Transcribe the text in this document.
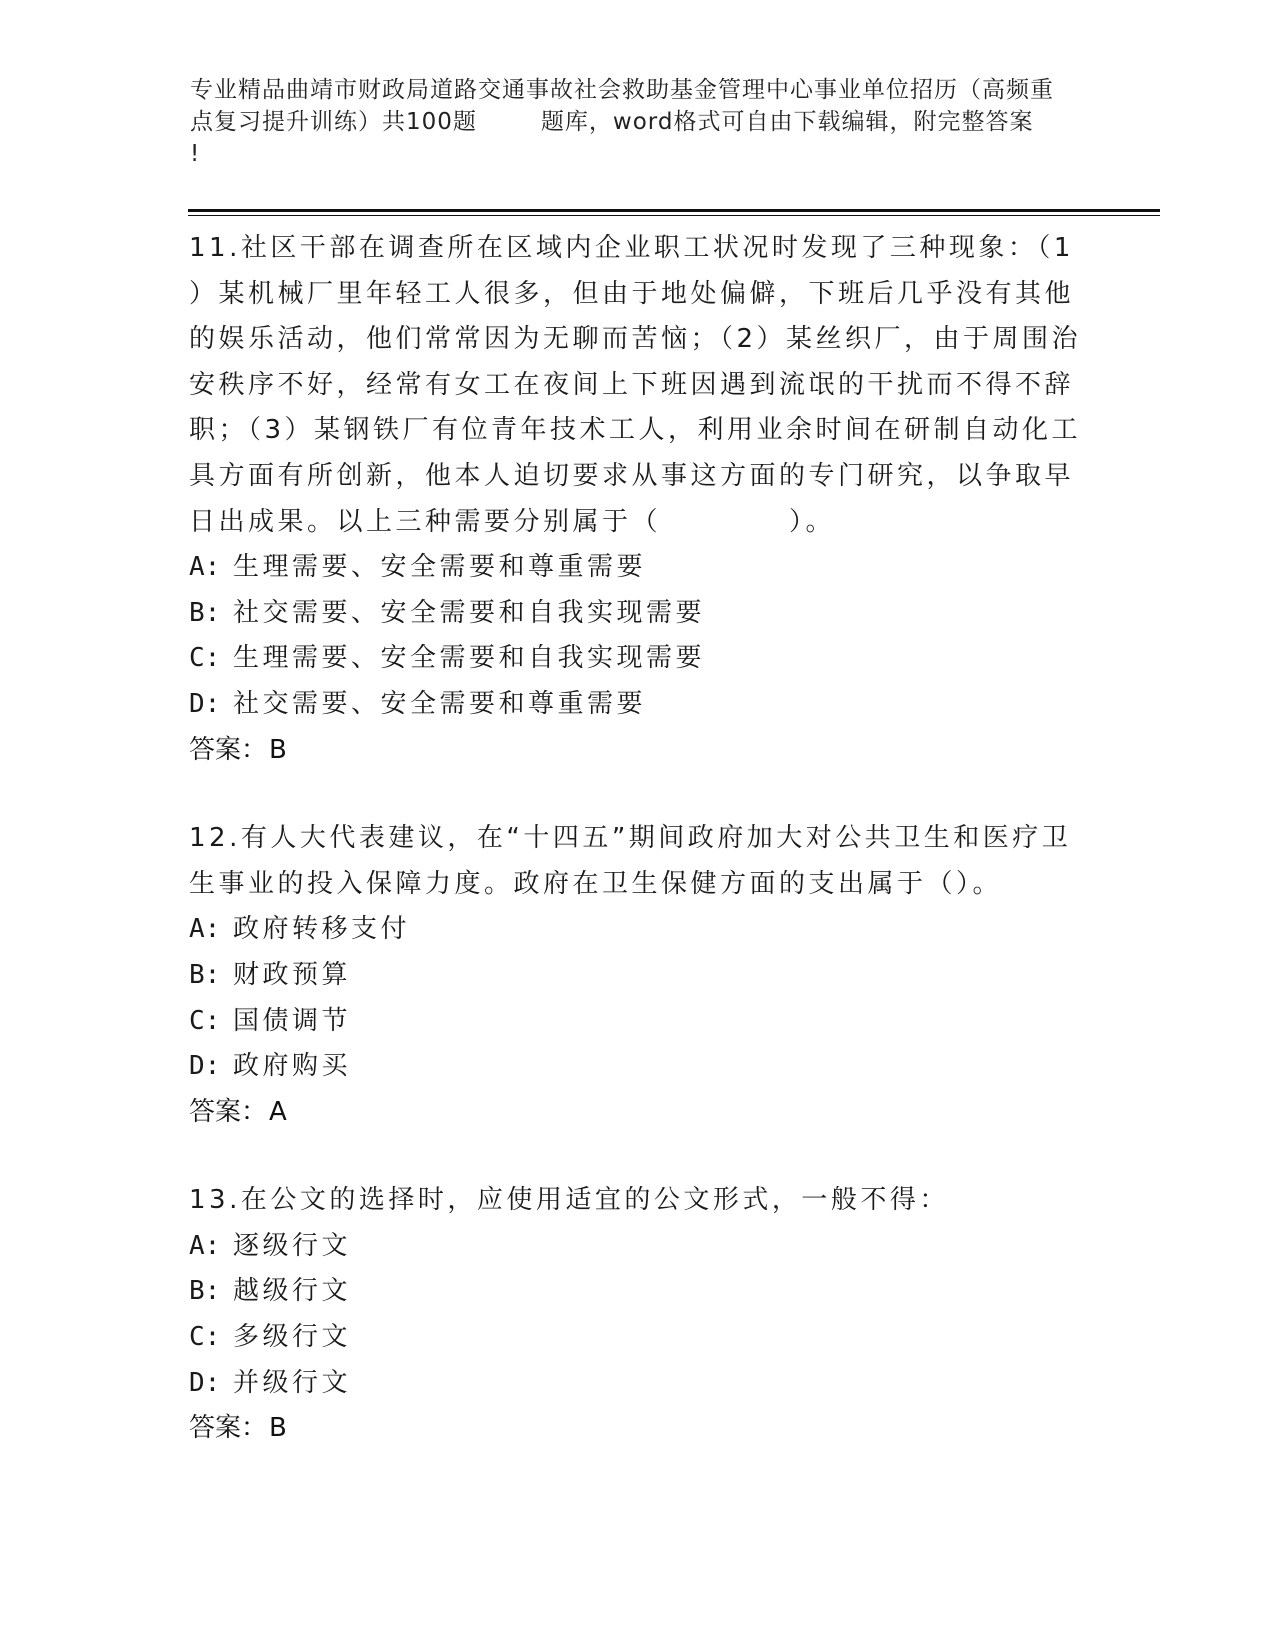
专业精品曲靖市财政局道路交通事故社会救助基金管理中心事业单位招历（高频重
点复习提升训练）共100题	题库，word格式可自由下载编辑，附完整答案
!

11.社区干部在调查所在区域内企业职工状况时发现了三种现象：（1

）某机械厂里年轻工人很多，但由于地处偏僻，下班后几乎没有其他

的娱乐活动，他们常常因为无聊而苦恼；（2）某丝织厂，由于周围治

安秩序不好，经常有女工在夜间上下班因遇到流氓的干扰而不得不辞

职；（3）某钢铁厂有位青年技术工人，利用业余时间在研制自动化工

具方面有所创新，他本人迫切要求从事这方面的专门研究，以争取早

日出成果。以上三种需要分别属于（	）。

A: 生理需要、安全需要和尊重需要

B: 社交需要、安全需要和自我实现需要

C: 生理需要、安全需要和自我实现需要

D: 社交需要、安全需要和尊重需要

答案：B

12.有人大代表建议，在“十四五”期间政府加大对公共卫生和医疗卫

生事业的投入保障力度。政府在卫生保健方面的支出属于（）。

A: 政府转移支付

B: 财政预算

C: 国债调节

D: 政府购买

答案：A

13.在公文的选择时，应使用适宜的公文形式，一般不得：

A: 逐级行文

B: 越级行文

C: 多级行文

D: 并级行文

答案：B
